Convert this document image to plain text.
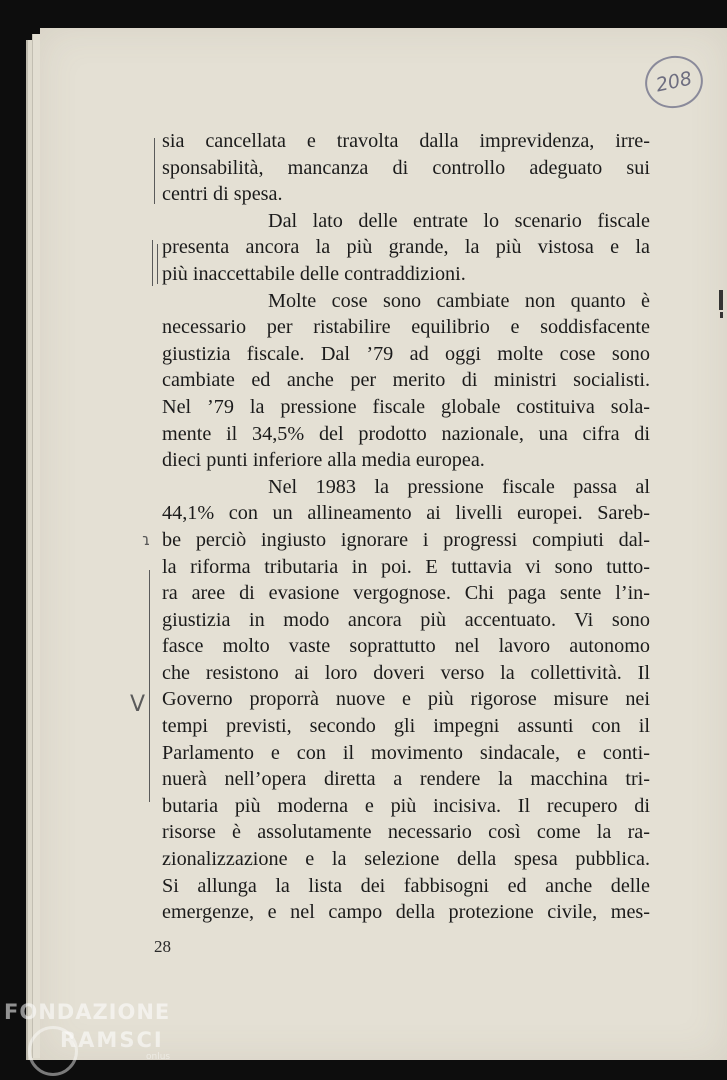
208
sia cancellata e travolta dalla imprevidenza, irre-
sponsabilità, mancanza di controllo adeguato sui
centri di spesa.
Dal lato delle entrate lo scenario fiscale
presenta ancora la più grande, la più vistosa e la
più inaccettabile delle contraddizioni.
Molte cose sono cambiate non quanto è
necessario per ristabilire equilibrio e soddisfacente
giustizia fiscale. Dal ’79 ad oggi molte cose sono
cambiate ed anche per merito di ministri socialisti.
Nel ’79 la pressione fiscale globale costituiva sola-
mente il 34,5% del prodotto nazionale, una cifra di
dieci punti inferiore alla media europea.
Nel 1983 la pressione fiscale passa al
44,1% con un allineamento ai livelli europei. Sareb-
be perciò ingiusto ignorare i progressi compiuti dal-
la riforma tributaria in poi. E tuttavia vi sono tutto-
ra aree di evasione vergognose. Chi paga sente l’in-
giustizia in modo ancora più accentuato. Vi sono
fasce molto vaste soprattutto nel lavoro autonomo
che resistono ai loro doveri verso la collettività. Il
Governo proporrà nuove e più rigorose misure nei
tempi previsti, secondo gli impegni assunti con il
Parlamento e con il movimento sindacale, e conti-
nuerà nell’opera diretta a rendere la macchina tri-
butaria più moderna e più incisiva. Il recupero di
risorse è assolutamente necessario così come la ra-
zionalizzazione e la selezione della spesa pubblica.
Si allunga la lista dei fabbisogni ed anche delle
emergenze, e nel campo della protezione civile, mes-
V
ɿ
28
FONDAZIONE
RAMSCI
onlus
